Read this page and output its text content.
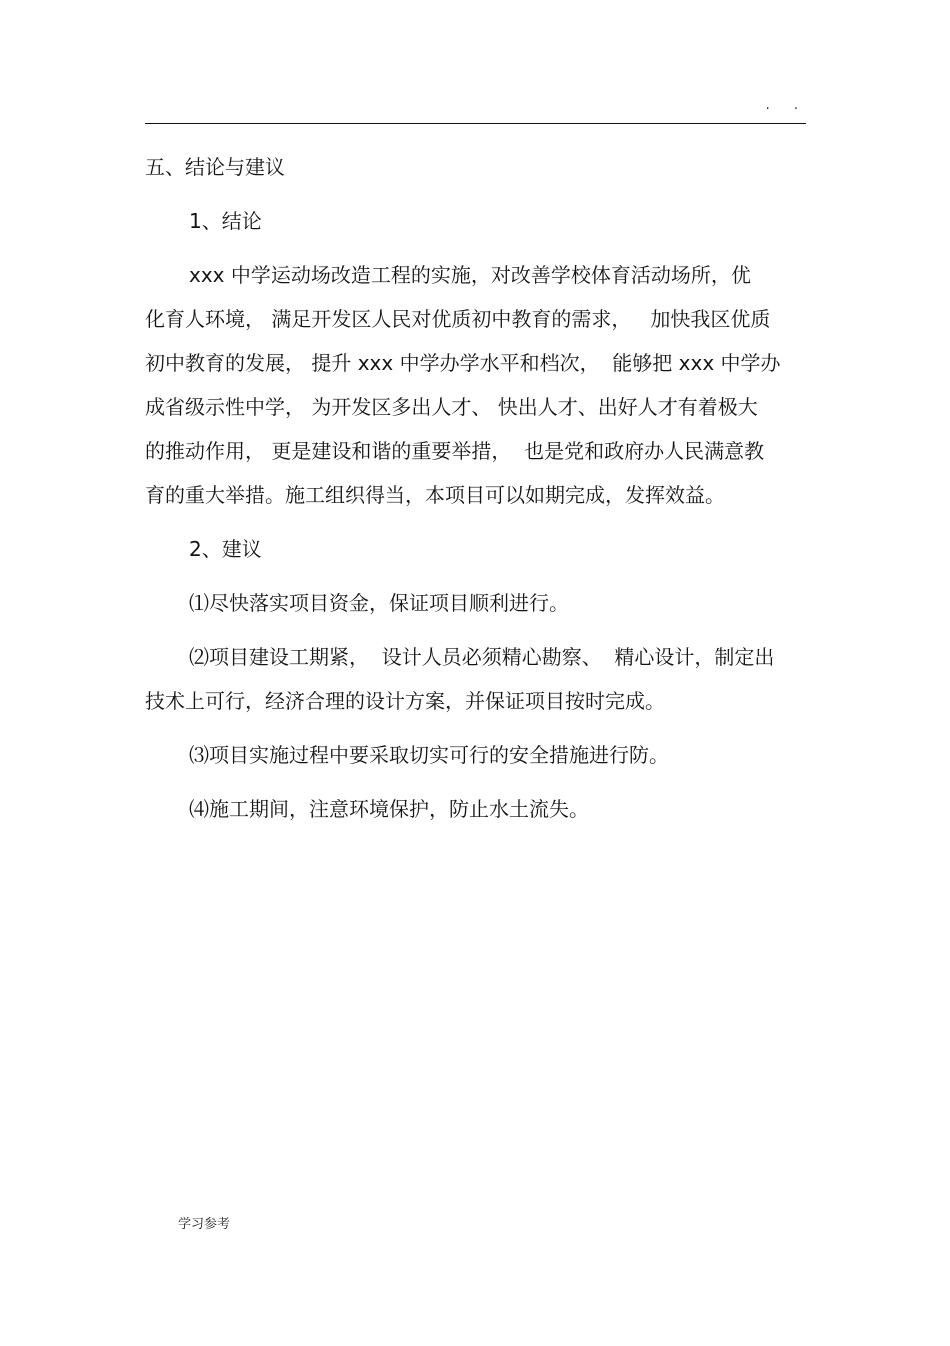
. .
五、结论与建议
1、结论
xxx 中学运动场改造工程的实施，对改善学校体育活动场所，优
化育人环境， 满足开发区人民对优质初中教育的需求，   加快我区优质
初中教育的发展， 提升 xxx 中学办学水平和档次，  能够把 xxx 中学办
成省级示性中学， 为开发区多出人才、 快出人才、出好人才有着极大
的推动作用， 更是建设和谐的重要举措，  也是党和政府办人民满意教
育的重大举措。施工组织得当，本项目可以如期完成，发挥效益。
2、建议
⑴尽快落实项目资金，保证项目顺利进行。
⑵项目建设工期紧，  设计人员必须精心勘察、  精心设计，制定出
技术上可行，经济合理的设计方案，并保证项目按时完成。
⑶项目实施过程中要采取切实可行的安全措施进行防。
⑷施工期间，注意环境保护，防止水土流失。
学习参考
